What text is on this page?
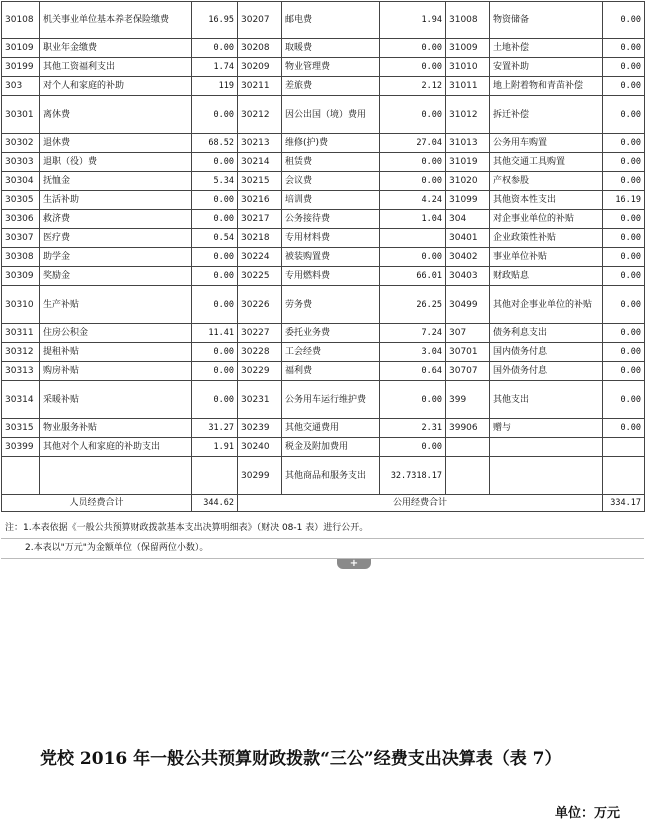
30108	机关事业单位基本养老保险缴费	16.95	30207	邮电费	1.94	31008	物资储备	0.00
30109	职业年金缴费	0.00	30208	取暖费	0.00	31009	土地补偿	0.00
30199	其他工资福利支出	1.74	30209	物业管理费	0.00	31010	安置补助	0.00
303	对个人和家庭的补助	119	30211	差旅费	2.12	31011	地上附着物和青苗补偿	0.00
30301	离休费	0.00	30212	因公出国（境）费用	0.00	31012	拆迁补偿	0.00
30302	退休费	68.52	30213	维修(护)费	27.04	31013	公务用车购置	0.00
30303	退职（役）费	0.00	30214	租赁费	0.00	31019	其他交通工具购置	0.00
30304	抚恤金	5.34	30215	会议费	0.00	31020	产权参股	0.00
30305	生活补助	0.00	30216	培训费	4.24	31099	其他资本性支出	16.19
30306	救济费	0.00	30217	公务接待费	1.04	304	对企事业单位的补贴	0.00
30307	医疗费	0.54	30218	专用材料费		30401	企业政策性补贴	0.00
30308	助学金	0.00	30224	被装购置费	0.00	30402	事业单位补贴	0.00
30309	奖励金	0.00	30225	专用燃料费	66.01	30403	财政贴息	0.00
30310	生产补贴	0.00	30226	劳务费	26.25	30499	其他对企事业单位的补贴	0.00
30311	住房公积金	11.41	30227	委托业务费	7.24	307	债务利息支出	0.00
30312	提租补贴	0.00	30228	工会经费	3.04	30701	国内债务付息	0.00
30313	购房补贴	0.00	30229	福利费	0.64	30707	国外债务付息	0.00
30314	采暖补贴	0.00	30231	公务用车运行维护费	0.00	399	其他支出	0.00
30315	物业服务补贴	31.27	30239	其他交通费用	2.31	39906	赠与	0.00
30399	其他对个人和家庭的补助支出	1.91	30240	税金及附加费用	0.00			
			30299	其他商品和服务支出	32.7318.17			
人员经费合计		344.62	公用经费合计					334.17
注：1.本表依据《一般公共预算财政拨款基本支出决算明细表》（财决 08-1 表）进行公开。
2.本表以"万元"为金额单位（保留两位小数）。
+
党校 2016 年一般公共预算财政拨款“三公”经费支出决算表（表 7）
单位：万元
